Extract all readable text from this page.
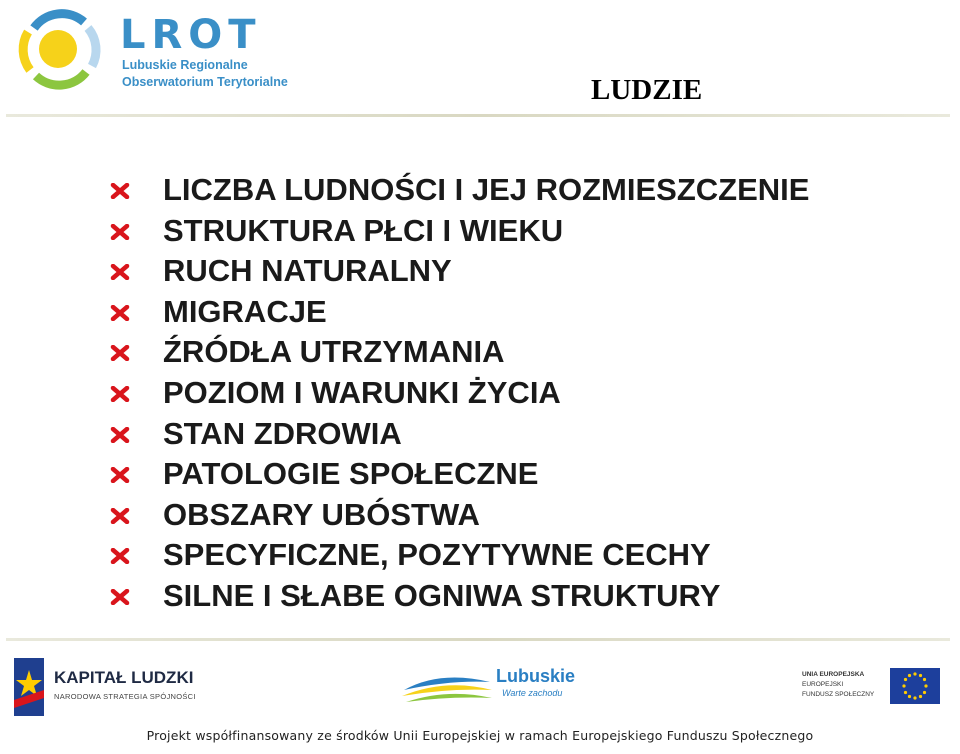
LROT
Lubuskie Regionalne
Obserwatorium Terytorialne	LUDZIE
LICZBA LUDNOŚCI I JEJ ROZMIESZCZENIE
STRUKTURA PŁCI I WIEKU
RUCH NATURALNY
MIGRACJE
ŹRÓDŁA UTRZYMANIA
POZIOM I WARUNKI ŻYCIA
STAN ZDROWIA
PATOLOGIE SPOŁECZNE
OBSZARY UBÓSTWA
SPECYFICZNE, POZYTYWNE CECHY
SILNE I SŁABE OGNIWA STRUKTURY
KAPITAŁ LUDZKI
NARODOWA STRATEGIA SPÓJNOŚCI
Lubuskie
Warte zachodu
UNIA EUROPEJSKA
EUROPEJSKI
FUNDUSZ SPOŁECZNY
Projekt współfinansowany ze środków Unii Europejskiej w ramach Europejskiego Funduszu Społecznego
